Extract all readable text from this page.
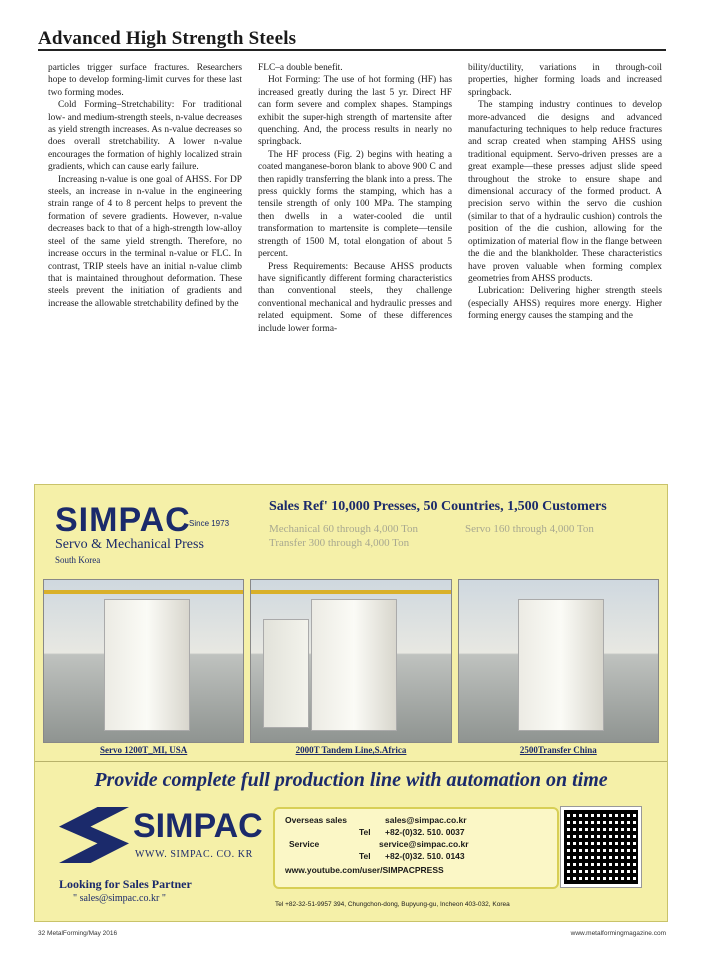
Advanced High Strength Steels

particles trigger surface fractures. Researchers hope to develop forming-limit curves for these last two forming modes.

Cold Forming–Stretchability: For traditional low- and medium-strength steels, n-value decreases as yield strength increases. As n-value decreases so does overall stretchability. A lower n-value encourages the formation of highly localized strain gradients, which can cause early failure.

Increasing n-value is one goal of AHSS. For DP steels, an increase in n-value in the engineering strain range of 4 to 8 percent helps to prevent the formation of severe gradients. However, n-value decreases back to that of a high-strength low-alloy steel of the same yield strength. Therefore, no increase occurs in the terminal n-value or FLC. In contrast, TRIP steels have an initial n-value climb that is maintained throughout deformation. These steels prevent the initiation of gradients and increase the allowable stretchability defined by the

FLC–a double benefit.

Hot Forming: The use of hot forming (HF) has increased greatly during the last 5 yr. Direct HF can form severe and complex shapes. Stampings exhibit the super-high strength of martensite after quenching. And, the process results in nearly no springback.

The HF process (Fig. 2) begins with heating a coated manganese-boron blank to above 900 C and then rapidly transferring the blank into a press. The press quickly forms the stamping, which has a tensile strength of only 100 MPa. The stamping then dwells in a water-cooled die until transformation to martensite is complete—tensile strength of 1500 M, total elongation of about 5 percent.

Press Requirements: Because AHSS products have significantly different forming characteristics than conventional steels, they challenge conventional mechanical and hydraulic presses and related equipment. Some of these differences include lower forma-

bility/ductility, variations in through-coil properties, higher forming loads and increased springback.

The stamping industry continues to develop more-advanced die designs and advanced manufacturing techniques to help reduce fractures and scrap created when stamping AHSS using traditional equipment. Servo-driven presses are a great example—these presses adjust slide speed throughout the stroke to ensure shape and dimensional accuracy of the formed product. A precision servo within the servo die cushion (similar to that of a hydraulic cushion) controls the position of the die cushion, allowing for the optimization of material flow in the flange between the die and the blankholder. These characteristics have proven valuable when forming complex geometries from AHSS products.

Lubrication: Delivering higher strength steels (especially AHSS) requires more energy. Higher forming energy causes the stamping and the

SIMPAC
Since 1973
Servo & Mechanical Press
South Korea
Sales Ref' 10,000 Presses, 50 Countries, 1,500 Customers
Mechanical 60 through 4,000 Ton	Servo 160 through 4,000 Ton
Transfer 300 through 4,000 Ton
Servo 1200T_MI, USA	2000T Tandem Line,S.Africa	2500Transfer China
Provide complete full production line with automation on time
SIMPAC
WWW. SIMPAC. CO. KR
Looking for Sales Partner
" sales@simpac.co.kr "
Overseas sales	sales@simpac.co.kr
Tel +82-(0)32. 510. 0037
Service	service@simpac.co.kr
Tel +82-(0)32. 510. 0143
www.youtube.com/user/SIMPACPRESS
Tel +82-32-51-9957 394, Chungchon-dong, Bupyung-gu, Incheon 403-032, Korea
32 MetalForming/May 2016	www.metalformingmagazine.com
